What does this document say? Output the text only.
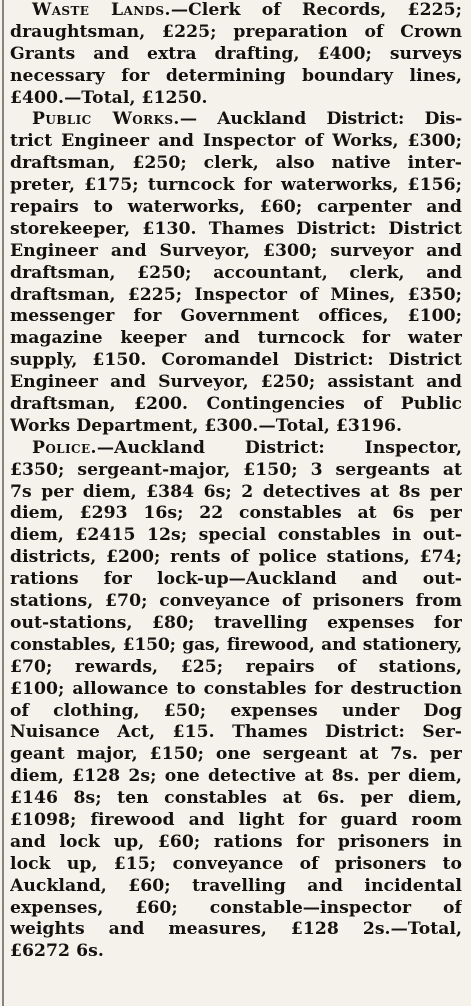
Waste Lands.—Clerk of Records, £225;
draughtsman, £225; preparation of Crown
Grants and extra drafting, £400; surveys
necessary for determining boundary lines,
£400.—Total, £1250.
Public Works.— Auckland District: Dis-
trict Engineer and Inspector of Works, £300;
draftsman, £250; clerk, also native inter-
preter, £175; turncock for waterworks, £156;
repairs to waterworks, £60; carpenter and
storekeeper, £130. Thames District: District
Engineer and Surveyor, £300; surveyor and
draftsman, £250; accountant, clerk, and
draftsman, £225; Inspector of Mines, £350;
messenger for Government offices, £100;
magazine keeper and turncock for water
supply, £150. Coromandel District: District
Engineer and Surveyor, £250; assistant and
draftsman, £200. Contingencies of Public
Works Department, £300.—Total, £3196.
Police.—Auckland District: Inspector,
£350; sergeant-major, £150; 3 sergeants at
7s per diem, £384 6s; 2 detectives at 8s per
diem, £293 16s; 22 constables at 6s per
diem, £2415 12s; special constables in out-
districts, £200; rents of police stations, £74;
rations for lock-up—Auckland and out-
stations, £70; conveyance of prisoners from
out-stations, £80; travelling expenses for
constables, £150; gas, firewood, and stationery,
£70; rewards, £25; repairs of stations,
£100; allowance to constables for destruction
of clothing, £50; expenses under Dog
Nuisance Act, £15. Thames District: Ser-
geant major, £150; one sergeant at 7s. per
diem, £128 2s; one detective at 8s. per diem,
£146 8s; ten constables at 6s. per diem,
£1098; firewood and light for guard room
and lock up, £60; rations for prisoners in
lock up, £15; conveyance of prisoners to
Auckland, £60; travelling and incidental
expenses, £60; constable—inspector of
weights and measures, £128 2s.—Total,
£6272 6s.
